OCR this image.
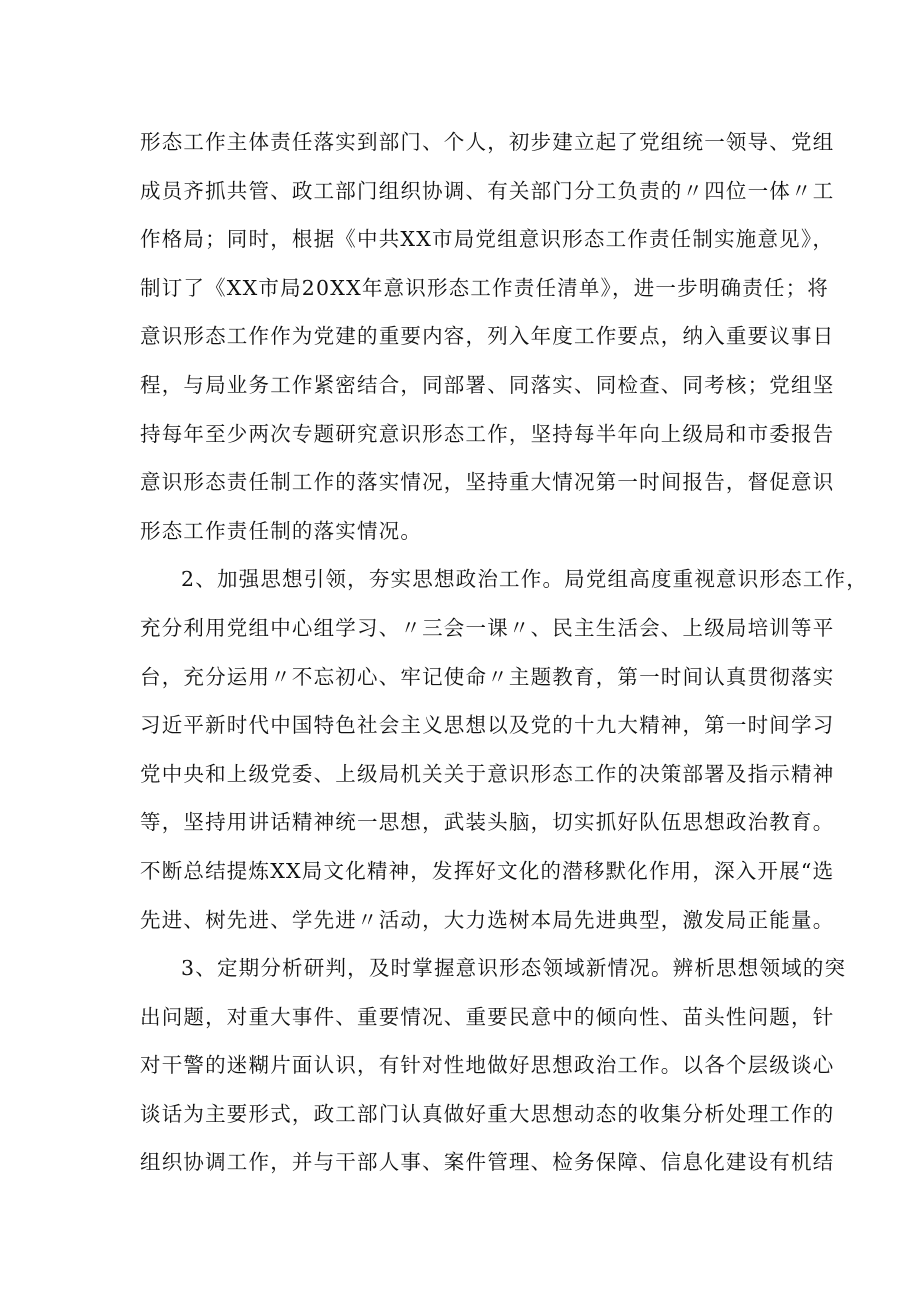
形态工作主体责任落实到部门、个人，初步建立起了党组统一领导、党组
成员齐抓共管、政工部门组织协调、有关部门分工负责的〃四位一体〃工
作格局；同时，根据《中共XX市局党组意识形态工作责任制实施意见》，
制订了《XX市局20XX年意识形态工作责任清单》，进一步明确责任；将
意识形态工作作为党建的重要内容，列入年度工作要点，纳入重要议事日
程，与局业务工作紧密结合，同部署、同落实、同检查、同考核；党组坚
持每年至少两次专题研究意识形态工作，坚持每半年向上级局和市委报告
意识形态责任制工作的落实情况，坚持重大情况第一时间报告，督促意识
形态工作责任制的落实情况。
2、加强思想引领，夯实思想政治工作。局党组高度重视意识形态工作，
充分利用党组中心组学习、〃三会一课〃、民主生活会、上级局培训等平
台，充分运用〃不忘初心、牢记使命〃主题教育，第一时间认真贯彻落实
习近平新时代中国特色社会主义思想以及党的十九大精神，第一时间学习
党中央和上级党委、上级局机关关于意识形态工作的决策部署及指示精神
等，坚持用讲话精神统一思想，武装头脑，切实抓好队伍思想政治教育。
不断总结提炼XX局文化精神，发挥好文化的潜移默化作用，深入开展“选
先进、树先进、学先进〃活动，大力选树本局先进典型，激发局正能量。
3、定期分析研判，及时掌握意识形态领域新情况。辨析思想领域的突
出问题，对重大事件、重要情况、重要民意中的倾向性、苗头性问题，针
对干警的迷糊片面认识，有针对性地做好思想政治工作。以各个层级谈心
谈话为主要形式，政工部门认真做好重大思想动态的收集分析处理工作的
组织协调工作，并与干部人事、案件管理、检务保障、信息化建设有机结
